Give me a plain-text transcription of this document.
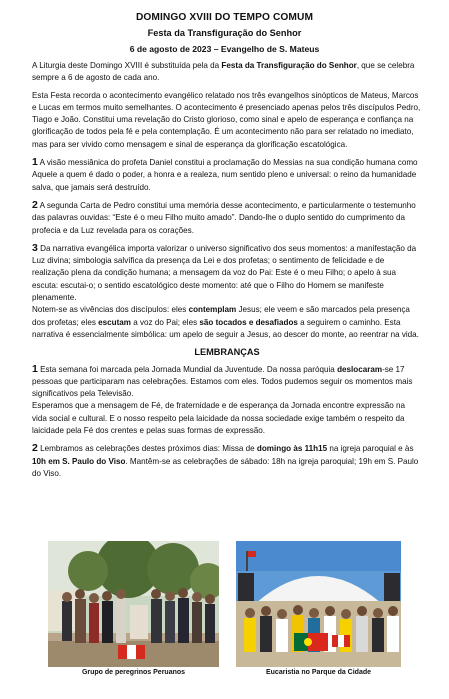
DOMINGO XVIII DO TEMPO COMUM
Festa da Transfiguração do Senhor
6 de agosto de 2023 – Evangelho de S. Mateus

A Liturgia deste Domingo XVIII é substituída pela da Festa da Transfiguração do Senhor, que se celebra sempre a 6 de agosto de cada ano.

Esta Festa recorda o acontecimento evangélico relatado nos três evangelhos sinópticos de Mateus, Marcos e Lucas em termos muito semelhantes. O acontecimento é presenciado apenas pelos três discípulos Pedro, Tiago e João. Constitui uma revelação do Cristo glorioso, como sinal e apelo de esperança e confiança na glorificação de todos pela fé e pela contemplação. É um acontecimento não para ser relatado no imediato, mas para ser vivido como mensagem e sinal de esperança da glorificação escatológica.

1 A visão messiânica do profeta Daniel constitui a proclamação do Messias na sua condição humana como Aquele a quem é dado o poder, a honra e a realeza, num sentido pleno e universal: o reino da humanidade salva, que jamais será destruído.

2 A segunda Carta de Pedro constitui uma memória desse acontecimento, e particularmente o testemunho das palavras ouvidas: “Este é o meu Filho muito amado”. Dando-lhe o duplo sentido do cumprimento da profecia e da Luz revelada para os corações.

3 Da narrativa evangélica importa valorizar o universo significativo dos seus momentos: a manifestação da Luz divina; simbologia salvífica da presença da Lei e dos profetas; o sentimento de felicidade e de realização plena da condição humana; a mensagem da voz do Pai: Este é o meu Filho; o apelo à sua escuta: escutai-o; o sentido escatológico deste momento: até que o Filho do Homem se manifeste plenamente.

Notem-se as vivências dos discípulos: eles contemplam Jesus; ele veem e são marcados pela presença dos profetas; eles escutam a voz do Pai; eles são tocados e desafiados a seguirem o caminho. Esta narrativa é essencialmente simbólica: um apelo de seguir a Jesus, ao descer do monte, ao reentrar na vida.

LEMBRANÇAS

1 Esta semana foi marcada pela Jornada Mundial da Juventude. Da nossa paróquia deslocaram-se 17 pessoas que participaram nas celebrações. Estamos com eles. Todos pudemos seguir os momentos mais significativos pela Televisão.

Esperamos que a mensagem de Fé, de fraternidade e de esperança da Jornada encontre expressão na vida social e cultural. E o nosso respeito pela laicidade da nossa sociedade exige também o respeito da laicidade pela Fé dos crentes e pelas suas formas de expressão.

2 Lembramos as celebrações destes próximos dias: Missa de domingo às 11h15 na igreja paroquial e às 10h em S. Paulo do Viso. Mantêm-se as celebrações de sábado: 18h na igreja paroquial; 19h em S. Paulo do Viso.

Grupo de peregrinos Peruanos	Eucaristia no Parque da Cidade
